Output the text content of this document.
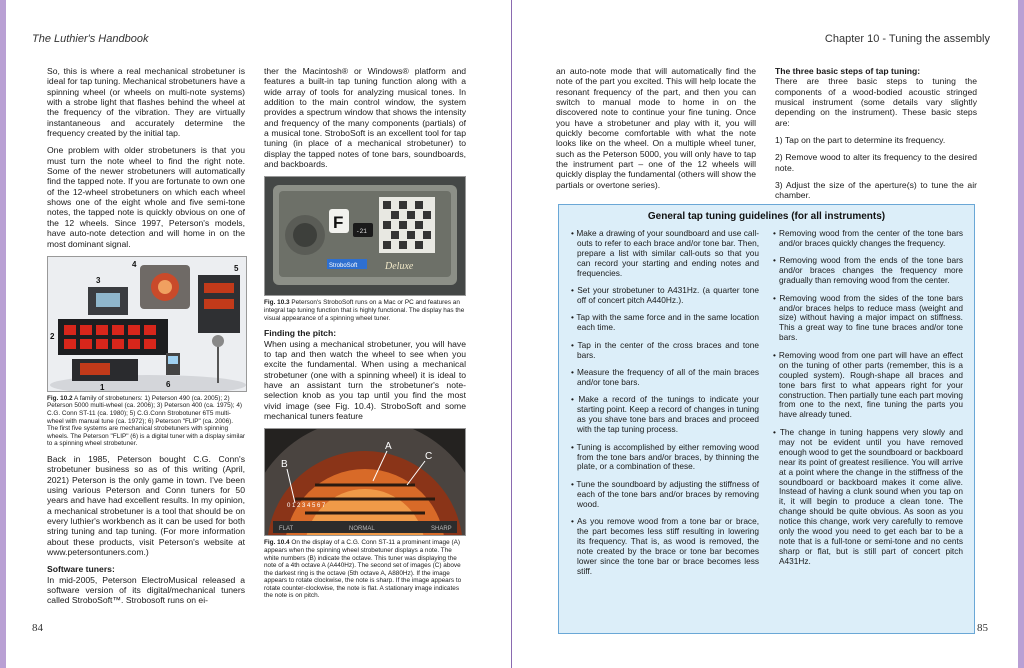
The Luthier's Handbook

So, this is where a real mechanical strobetuner is ideal for tap tuning. Mechanical strobetuners have a spinning wheel (or wheels on multi-note systems) with a strobe light that flashes behind the wheel at the frequency of the vibration. They are virtually instantaneous and accurately determine the frequency created by the initial tap.

One problem with older strobetuners is that you must turn the note wheel to find the right note. Some of the newer strobetuners will automatically find the tapped note. If you are fortunate to own one of the 12-wheel strobetuners on which each wheel shows one of the eight whole and five semi-tone notes, the tapped note is quickly obvious on one of the 12 wheels. Since 1997, Peterson's models, have auto-note detection and will home in on the most dominant signal.

3
4	5
2
1	6
Fig. 10.2 A family of strobetuners: 1) Peterson 490 (ca. 2005); 2) Peterson 5000 multi-wheel (ca. 2006); 3) Peterson 400 (ca. 1975); 4) C.G. Conn ST-11 (ca. 1980); 5) C.G.Conn Strobotuner 6T5 multi-wheel with manual tune (ca. 1972); 6) Peterson "FLIP" (ca. 2006). The first five systems are mechanical strobetuners with spinning wheels. The Peterson "FLIP" (6) is a digital tuner with a display similar to a spinning wheel strobetuner.

Back in 1985, Peterson bought C.G. Conn's strobetuner business so as of this writing (April, 2021) Peterson is the only game in town. I've been using various Peterson and Conn tuners for 50 years and have had excellent results. In my opinion, a mechanical strobetuner is a tool that should be on every luthier's workbench as it can be used for both string tuning and tap tuning. (For more information about these products, visit Peterson's website at www.petersontuners.com.)

Software tuners:

In mid-2005, Peterson ElectroMusical released a software version of its digital/mechanical tuners called StroboSoft™. Strobosoft runs on ei-

ther the Macintosh® or Windows® platform and features a built-in tap tuning function along with a wide array of tools for analyzing musical tones. In addition to the main control window, the system provides a spectrum window that shows the intensity and frequency of the many components (partials) of a musical tone. StroboSoft is an excellent tool for tap tuning (in place of a mechanical strobetuner) to display the tapped notes of tone bars, soundboards, and backboards.

F -21
StroboSoft	Deluxe
Fig. 10.3 Peterson's StroboSoft runs on a Mac or PC and features an integral tap tuning function that is highly functional. The display has the visual appearance of a spinning wheel tuner.
Finding the pitch:

When using a mechanical strobetuner, you will have to tap and then watch the wheel to see when you excite the fundamental. When using a mechanical strobetuner (one with a spinning wheel) it is ideal to have an assistant turn the strobetuner's note-selection knob as you tap until you find the most vivid image (see Fig. 10.4). StroboSoft and some mechanical tuners feature

0 1 2 3 4 5 6 7
FLAT	NORMAL	SHARP
A
B
C
Fig. 10.4 On the display of a C.G. Conn ST-11 a prominent image (A) appears when the spinning wheel strobetuner displays a note. The white numbers (B) indicate the octave. This tuner was displaying the note of a 4th octave A (A440Hz). The second set of images (C) above the darkest ring is the octave (5th octave A, A880Hz). If the image appears to rotate clockwise, the note is sharp. If the image appears to rotate counter-clockwise, the note is flat. A stationary image indicates the note is on pitch.
84
Chapter 10 - Tuning the assembly

an auto-note mode that will automatically find the note of the part you excited. This will help locate the resonant frequency of the part, and then you can switch to manual mode to home in on the discovered note to continue your fine tuning. Once you have a strobetuner and play with it, you will quickly become comfortable with what the note looks like on the wheel. On a multiple wheel tuner, such as the Peterson 5000, you will only have to tap the instrument part – one of the 12 wheels will quickly display the fundamental (others will show the partials or overtone series).

The three basic steps of tap tuning:

There are three basic steps to tuning the components of a wood-bodied acoustic stringed musical instrument (some details vary slightly depending on the instrument). These basic steps are:

1) Tap on the part to determine its frequency.

2) Remove wood to alter its frequency to the desired note.

3) Adjust the size of the aperture(s) to tune the air chamber.

85
General tap tuning guidelines (for all instruments)

• Make a drawing of your soundboard and use call-outs to refer to each brace and/or tone bar. Then, prepare a list with similar call-outs so that you can record your starting and ending notes and frequencies.

• Set your strobetuner to A431Hz. (a quarter tone off of concert pitch A440Hz.).

• Tap with the same force and in the same location each time.

• Tap in the center of the cross braces and tone bars.

• Measure the frequency of all of the main braces and/or tone bars.

• Make a record of the tunings to indicate your starting point. Keep a record of changes in tuning as you shave tone bars and braces and proceed with the tap tuning process.

• Tuning is accomplished by either removing wood from the tone bars and/or braces, by thinning the plate, or a combination of these.

• Tune the soundboard by adjusting the stiffness of each of the tone bars and/or braces by removing wood.

• As you remove wood from a tone bar or brace, the part becomes less stiff resulting in lowering its frequency. That is, as wood is removed, the note created by the brace or tone bar becomes lower since the tone bar or brace becomes less stiff.

• Removing wood from the center of the tone bars and/or braces quickly changes the frequency.

• Removing wood from the ends of the tone bars and/or braces changes the frequency more gradually than removing wood from the center.

• Removing wood from the sides of the tone bars and/or braces helps to reduce mass (weight and size) without having a major impact on stiffness. This a great way to fine tune braces and/or tone bars.

• Removing wood from one part will have an effect on the tuning of other parts (remember, this is a coupled system). Rough-shape all braces and tone bars first to what appears right for your construction. Then partially tune each part moving from one to the next, fine tuning the parts you have already tuned.

• The change in tuning happens very slowly and may not be evident until you have removed enough wood to get the soundboard or backboard near its point of greatest resilience. You will arrive at a point where the change in the stiffness of the soundboard or backboard makes it come alive. Instead of having a clunk sound when you tap on it, it will begin to produce a clean tone. The change should be quite obvious. As soon as you notice this change, work very carefully to remove only the wood you need to get each bar to be a note that is a full-tone or semi-tone and no cents sharp or flat, but is still part of concert pitch A431Hz.
